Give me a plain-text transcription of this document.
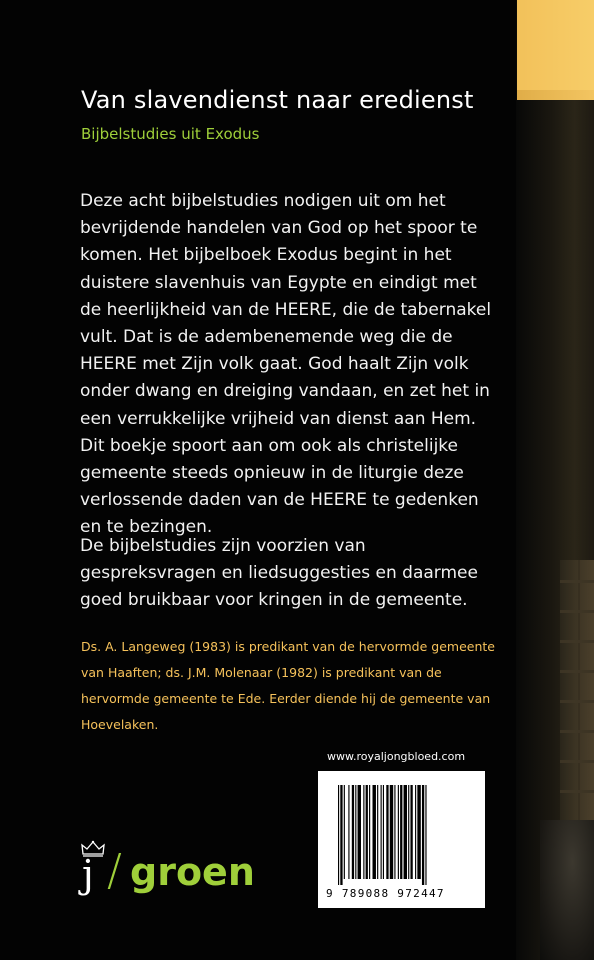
Van slavendienst naar eredienst
Bijbelstudies uit Exodus

Deze acht bijbelstudies nodigen uit om het bevrijdende handelen van God op het spoor te komen. Het bijbelboek Exodus begint in het duistere slavenhuis van Egypte en eindigt met de heerlijkheid van de HEERE, die de tabernakel vult. Dat is de adembenemende weg die de HEERE met Zijn volk gaat. God haalt Zijn volk onder dwang en dreiging vandaan, en zet het in een verrukkelijke vrijheid van dienst aan Hem. Dit boekje spoort aan om ook als christelijke gemeente steeds opnieuw in de liturgie deze verlossende daden van de HEERE te gedenken en te bezingen.

De bijbelstudies zijn voorzien van gespreksvragen en liedsuggesties en daarmee goed bruikbaar voor kringen in de gemeente.

Ds. A. Langeweg (1983) is predikant van de hervormde gemeente van Haaften; ds. J.M. Molenaar (1982) is predikant van de hervormde gemeente te Ede. Eerder diende hij de gemeente van Hoevelaken.

www.royaljongbloed.com
9 789088 972447
j / groen
